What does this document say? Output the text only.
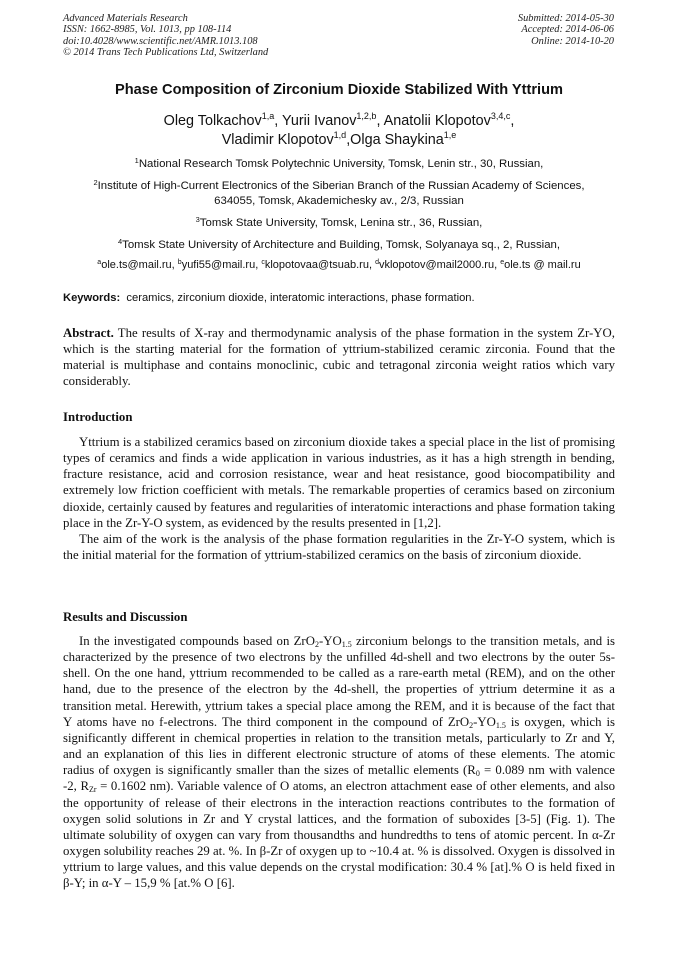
Advanced Materials Research
ISSN: 1662-8985, Vol. 1013, pp 108-114
doi:10.4028/www.scientific.net/AMR.1013.108
© 2014 Trans Tech Publications Ltd, Switzerland
Submitted: 2014-05-30
Accepted: 2014-06-06
Online: 2014-10-20
Phase Composition of Zirconium Dioxide Stabilized With Yttrium
Oleg Tolkachov$^{1,a}$, Yurii Ivanov$^{1,2,b}$, Anatolii Klopotov$^{3,4,c}$,
Vladimir Klopotov$^{1,d}$,Olga Shaykina$^{1,e}$
$^1$National Research Tomsk Polytechnic University, Tomsk, Lenin str., 30, Russian,
$^2$Institute of High-Current Electronics of the Siberian Branch of the Russian Academy of Sciences,
634055, Tomsk, Akademichesky av., 2/3, Russian
$^3$Tomsk State University, Tomsk, Lenina str., 36, Russian,
$^4$Tomsk State University of Architecture and Building, Tomsk, Solyanaya sq., 2, Russian,
$^a$ole.ts@mail.ru, $^b$yufi55@mail.ru, $^c$klopotovaa@tsuab.ru, $^d$vklopotov@mail2000.ru, $^e$ole.ts @ mail.ru
Keywords:  ceramics, zirconium dioxide, interatomic interactions, phase formation.

Abstract. The results of X-ray and thermodynamic analysis of the phase formation in the system Zr-YO, which is the starting material for the formation of yttrium-stabilized ceramic zirconia. Found that the material is multiphase and contains monoclinic, cubic and tetragonal zirconia weight ratios which vary considerably.

Introduction

Yttrium is a stabilized ceramics based on zirconium dioxide takes a special place in the list of promising types of ceramics and finds a wide application in various industries, as it has a high strength in bending, fracture resistance, acid and corrosion resistance, wear and heat resistance, good biocompatibility and extremely low friction coefficient with metals. The remarkable properties of ceramics based on zirconium dioxide, certainly caused by features and regularities of interatomic interactions and phase formation taking place in the Zr-Y-O system, as evidenced by the results presented in [1,2].

The aim of the work is the analysis of the phase formation regularities in the Zr-Y-O system, which is the initial material for the formation of yttrium-stabilized ceramics on the basis of zirconium dioxide.

Results and Discussion

In the investigated compounds based on $ZrO_2-YO_{1.5}$ zirconium belongs to the transition metals, and is characterized by the presence of two electrons by the unfilled 4d-shell and two electrons by the outer 5s-shell. On the one hand, yttrium recommended to be called as a rare-earth metal (REM), and on the other hand, due to the presence of the electron by the 4d-shell, the properties of yttrium determine it as a transition metal. Herewith, yttrium takes a special place among the REM, and it is because of the fact that Y atoms have no f-electrons. The third component in the compound of $ZrO_2-YO_{1.5}$ is oxygen, which is significantly different in chemical properties in relation to the transition metals, particularly to Zr and Y, and an explanation of this lies in different electronic structure of atoms of these elements. The atomic radius of oxygen is significantly smaller than the sizes of metallic elements ($R_0 = 0.089$ nm with valence -2, $R_{Zr} = 0.1602$ nm). Variable valence of O atoms, an electron attachment ease of other elements, and also the opportunity of release of their electrons in the interaction reactions contributes to the formation of oxygen solid solutions in Zr and Y crystal lattices, and the formation of suboxides [3-5] (Fig. 1). The ultimate solubility of oxygen can vary from thousandths and hundredths to tens of atomic percent. In α-Zr oxygen solubility reaches 29 at. %. In β-Zr of oxygen up to ~10.4 at. % is dissolved. Oxygen is dissolved in yttrium to large values, and this value depends on the crystal modification: 30.4 % [at].% O is held fixed in β-Y; in α-Y – 15,9 % [at.% O [6].
